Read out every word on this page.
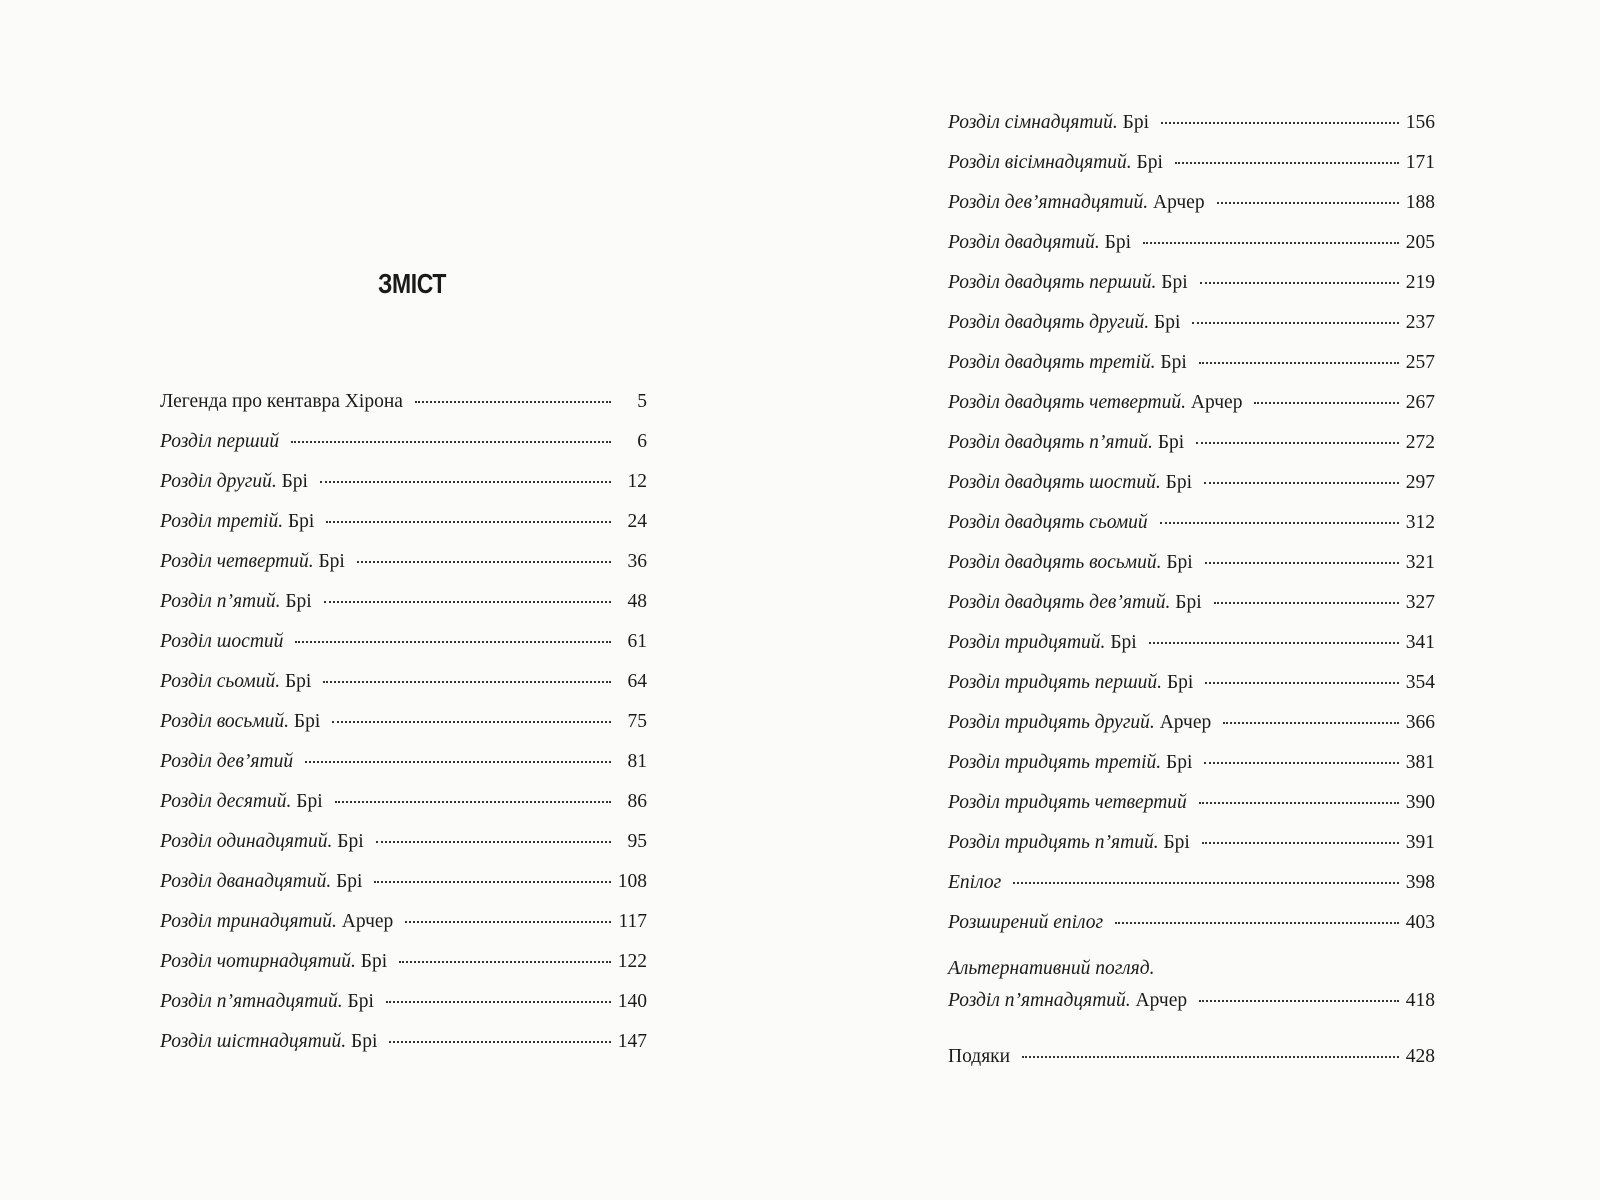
ЗМІСТ
Легенда про кентавра Хірона	5
Розділ перший	6
Розділ другий. Брі	12
Розділ третій. Брі	24
Розділ четвертий. Брі	36
Розділ п’ятий. Брі	48
Розділ шостий	61
Розділ сьомий. Брі	64
Розділ восьмий. Брі	75
Розділ дев’ятий	81
Розділ десятий. Брі	86
Розділ одинадцятий. Брі	95
Розділ дванадцятий. Брі	108
Розділ тринадцятий. Арчер	117
Розділ чотирнадцятий. Брі	122
Розділ п’ятнадцятий. Брі	140
Розділ шістнадцятий. Брі	147
Розділ сімнадцятий. Брі	156
Розділ вісімнадцятий. Брі	171
Розділ дев’ятнадцятий. Арчер	188
Розділ двадцятий. Брі	205
Розділ двадцять перший. Брі	219
Розділ двадцять другий. Брі	237
Розділ двадцять третій. Брі	257
Розділ двадцять четвертий. Арчер	267
Розділ двадцять п’ятий. Брі	272
Розділ двадцять шостий. Брі	297
Розділ двадцять сьомий	312
Розділ двадцять восьмий. Брі	321
Розділ двадцять дев’ятий. Брі	327
Розділ тридцятий. Брі	341
Розділ тридцять перший. Брі	354
Розділ тридцять другий. Арчер	366
Розділ тридцять третій. Брі	381
Розділ тридцять четвертий	390
Розділ тридцять п’ятий. Брі	391
Епілог	398
Розширений епілог	403
Альтернативний погляд.
Розділ п’ятнадцятий. Арчер	418
Подяки	428
